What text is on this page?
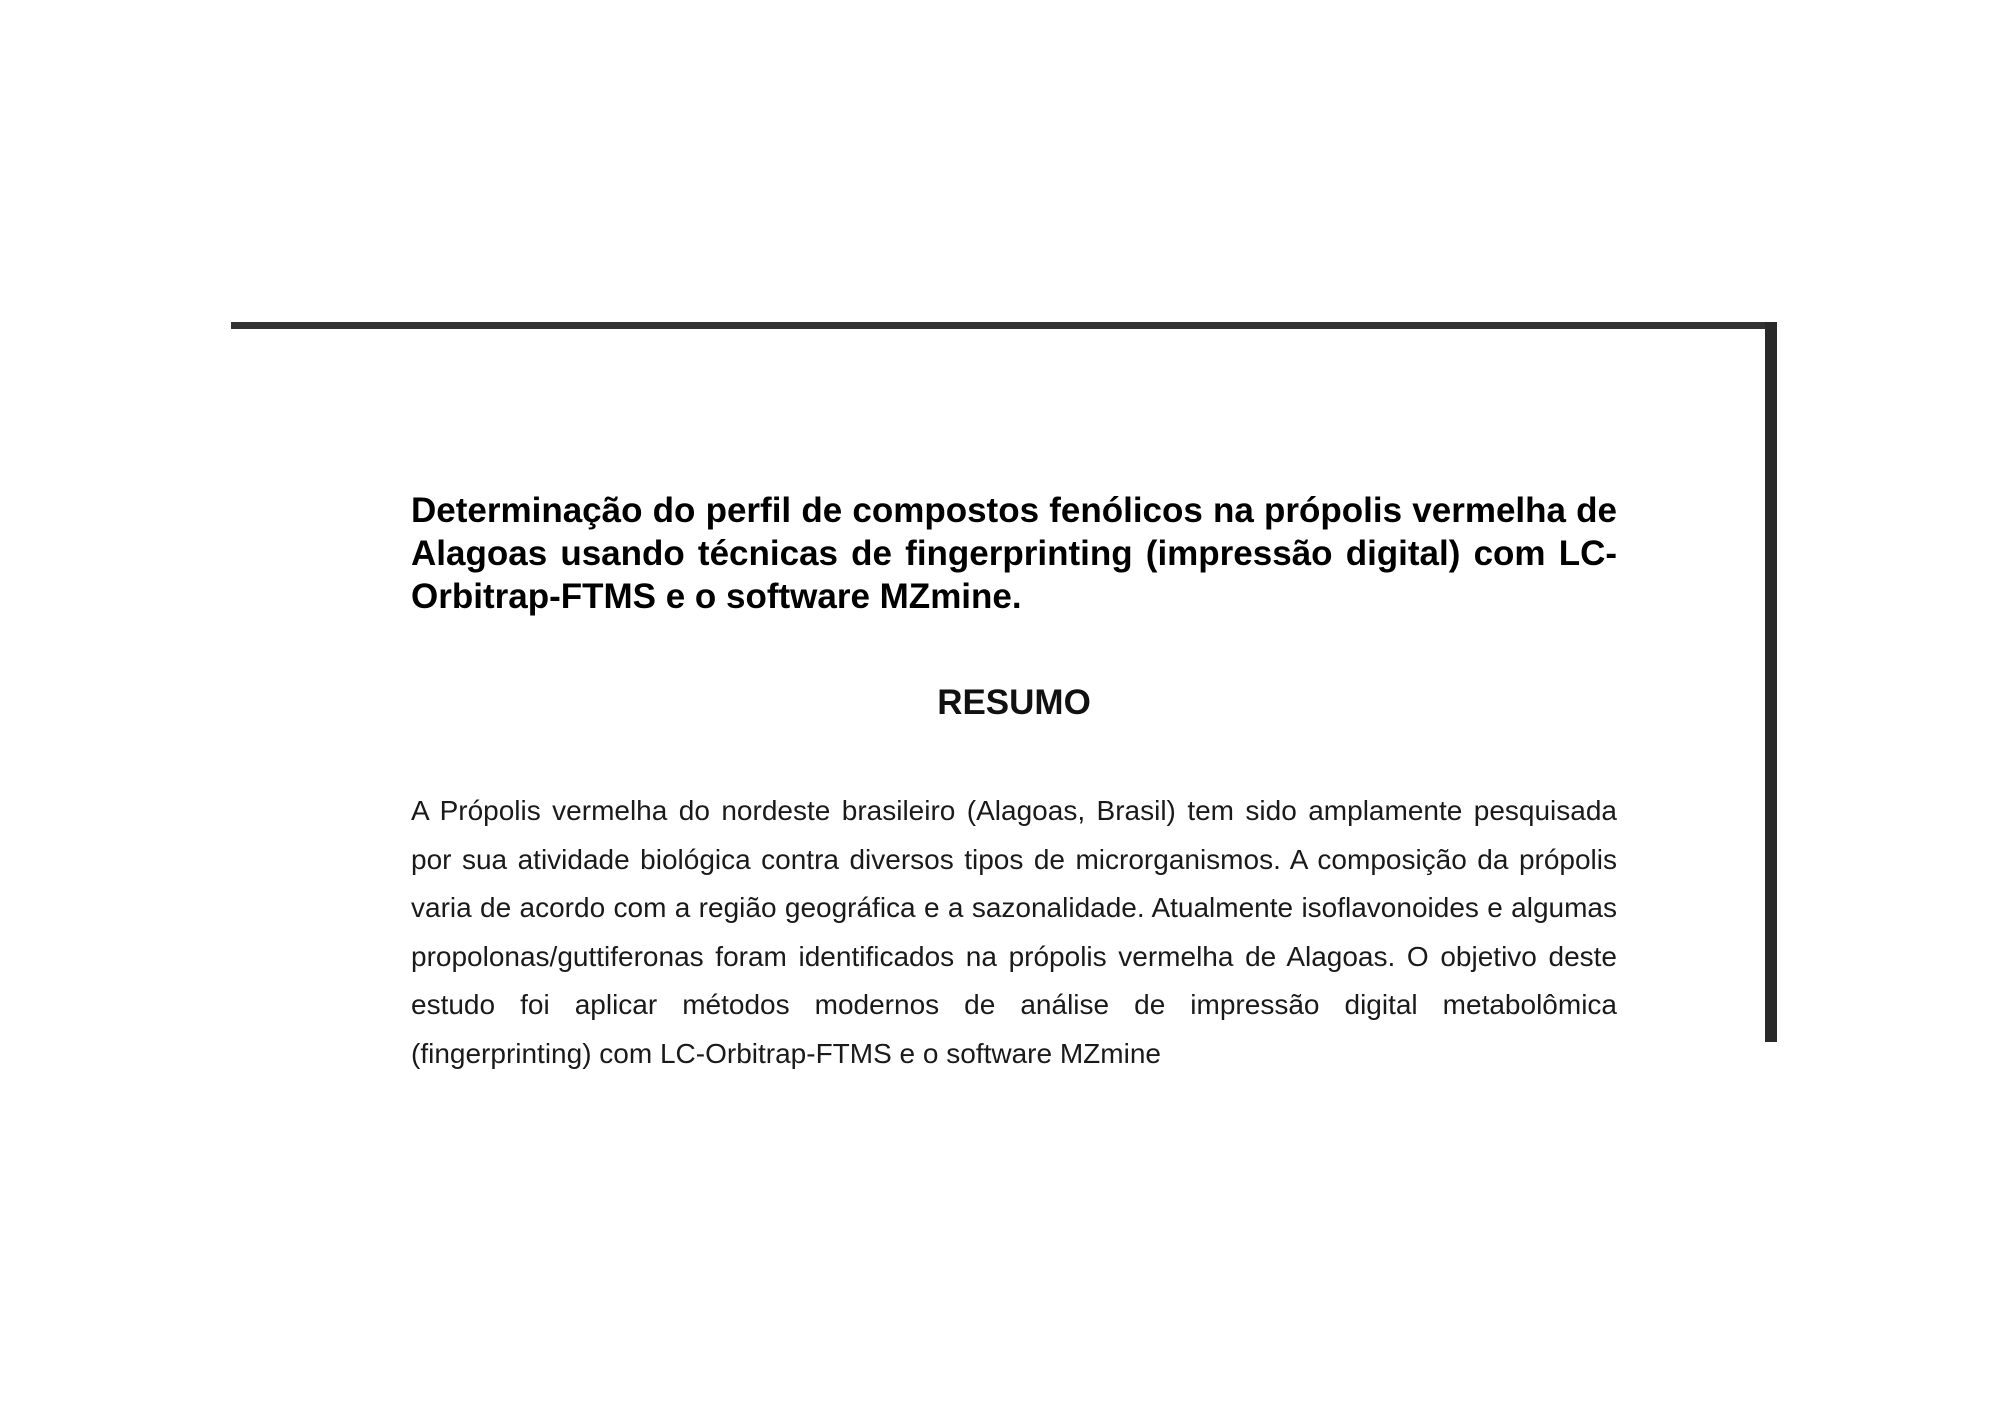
Determinação do perfil de compostos fenólicos na própolis vermelha de Alagoas usando técnicas de fingerprinting (impressão digital) com LC-Orbitrap-FTMS e o software MZmine.

RESUMO

A Própolis vermelha do nordeste brasileiro (Alagoas, Brasil) tem sido amplamente pesquisada por sua atividade biológica contra diversos tipos de microrganismos. A composição da própolis varia de acordo com a região geográfica e a sazonalidade. Atualmente isoflavonoides e algumas propolonas/guttiferonas foram identificados na própolis vermelha de Alagoas. O objetivo deste estudo foi aplicar métodos modernos de análise de impressão digital metabolômica (fingerprinting) com LC-Orbitrap-FTMS e o software MZmine
